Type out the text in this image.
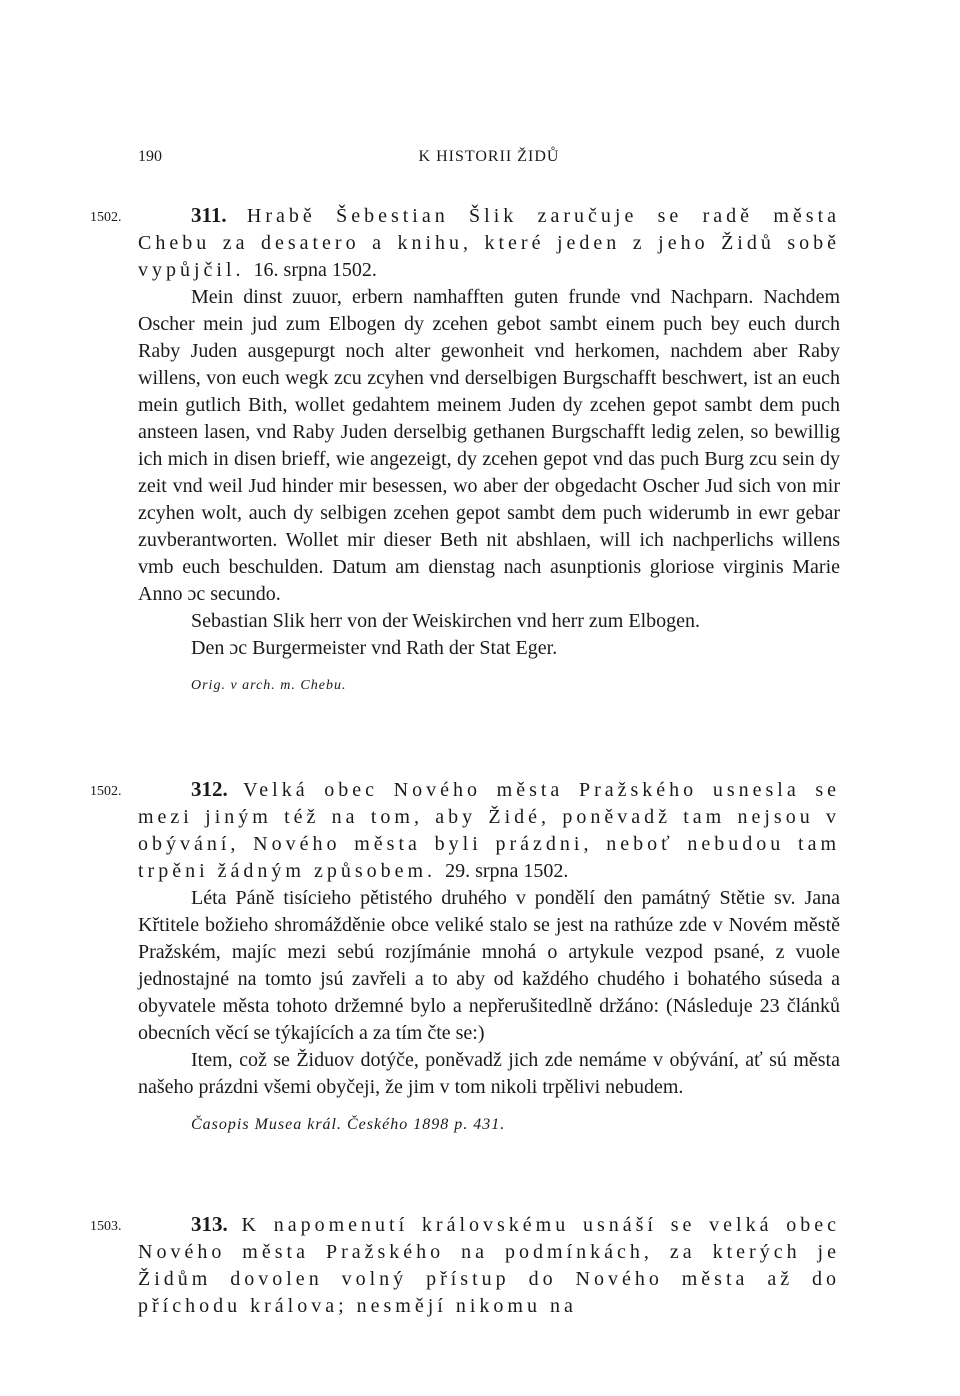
190	K HISTORII ŽIDŮ
1502.	311. Hrabě Šebestian Šlik zaručuje se radě města Chebu za desatero a knihu, které jeden z jeho Židů sobě vypůjčil. 16. srpna 1502.

Mein dinst zuuor, erbern namhafften guten frunde vnd Nachparn. Nachdem Oscher mein jud zum Elbogen dy zcehen gebot sambt einem puch bey euch durch Raby Juden ausgepurgt noch alter gewonheit vnd herkomen, nachdem aber Raby willens, von euch wegk zcu zcyhen vnd derselbigen Burgschafft beschwert, ist an euch mein gutlich Bith, wollet gedahtem meinem Juden dy zcehen gepot sambt dem puch ansteen lasen, vnd Raby Juden derselbig gethanen Burgschafft ledig zelen, so bewillig ich mich in disen brieff, wie angezeigt, dy zcehen gepot vnd das puch Burg zcu sein dy zeit vnd weil Jud hinder mir besessen, wo aber der obgedacht Oscher Jud sich von mir zcyhen wolt, auch dy selbigen zcehen gepot sambt dem puch widerumb in ewr gebar zuvberantworten. Wollet mir dieser Beth nit abshlaen, will ich nachperlichs willens vmb euch beschulden. Datum am dienstag nach asunptionis gloriose virginis Marie Anno ɔc secundo.

Sebastian Slik herr von der Weiskirchen vnd herr zum Elbogen.

Den ɔc Burgermeister vnd Rath der Stat Eger.

Orig. v arch. m. Chebu.
1502.	312. Velká obec Nového města Pražského usnesla se mezi jiným též na tom, aby Židé, poněvadž tam nejsou v obývání, Nového města byli prázdni, neboť nebudou tam trpěni žádným způsobem. 29. srpna 1502.

Léta Páně tisícieho pětistého druhého v pondělí den památný Stětie sv. Jana Křtitele božieho shromážděnie obce veliké stalo se jest na rathúze zde v Novém městě Pražském, majíc mezi sebú rozjímánie mnohá o artykule vezpod psané, z vuole jednostajné na tomto jsú zavřeli a to aby od každého chudého i bohatého súseda a obyvatele města tohoto držemné bylo a nepřerušitedlně držáno: (Následuje 23 článků obecních věcí se týkajících a za tím čte se:)

Item, což se Židuov dotýče, poněvadž jich zde nemáme v obývání, ať sú města našeho prázdni všemi obyčeji, že jim v tom nikoli trpělivi nebudem.

Časopis Musea král. Českého 1898 p. 431.
1503.	313. K napomenutí královskému usnáší se velká obec Nového města Pražského na podmínkách, za kterých je Židům dovolen volný přístup do Nového města až do příchodu králova; nesmějí nikomu na
